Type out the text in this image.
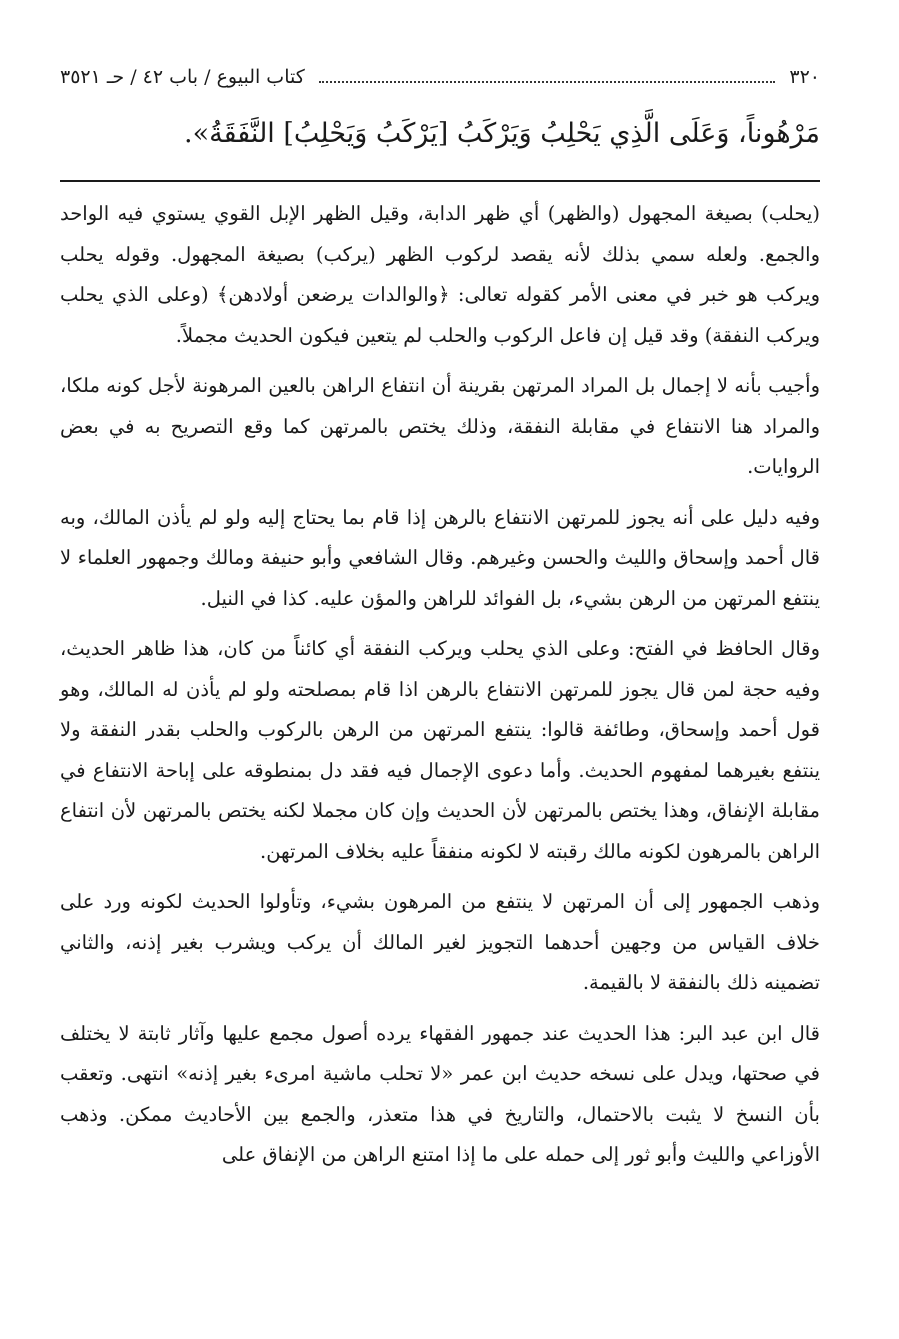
٣٢٠
كتاب البيوع / باب ٤٢ / حـ ٣٥٢١
مَرْهُوناً، وَعَلَى الَّذِي يَحْلِبُ وَيَرْكَبُ [يَرْكَبُ وَيَحْلِبُ] النَّفَقَةُ».

(يحلب) بصيغة المجهول (والظهر) أي ظهر الدابة، وقيل الظهر الإبل القوي يستوي فيه الواحد والجمع. ولعله سمي بذلك لأنه يقصد لركوب الظهر (يركب) بصيغة المجهول. وقوله يحلب ويركب هو خبر في معنى الأمر كقوله تعالى: ﴿والوالدات يرضعن أولادهن﴾ (وعلى الذي يحلب ويركب النفقة) وقد قيل إن فاعل الركوب والحلب لم يتعين فيكون الحديث مجملاً.

وأجيب بأنه لا إجمال بل المراد المرتهن بقرينة أن انتفاع الراهن بالعين المرهونة لأجل كونه ملكا، والمراد هنا الانتفاع في مقابلة النفقة، وذلك يختص بالمرتهن كما وقع التصريح به في بعض الروايات.

وفيه دليل على أنه يجوز للمرتهن الانتفاع بالرهن إذا قام بما يحتاج إليه ولو لم يأذن المالك، وبه قال أحمد وإسحاق والليث والحسن وغيرهم. وقال الشافعي وأبو حنيفة ومالك وجمهور العلماء لا ينتفع المرتهن من الرهن بشيء، بل الفوائد للراهن والمؤن عليه. كذا في النيل.

وقال الحافظ في الفتح: وعلى الذي يحلب ويركب النفقة أي كائناً من كان، هذا ظاهر الحديث، وفيه حجة لمن قال يجوز للمرتهن الانتفاع بالرهن اذا قام بمصلحته ولو لم يأذن له المالك، وهو قول أحمد وإسحاق، وطائفة قالوا: ينتفع المرتهن من الرهن بالركوب والحلب بقدر النفقة ولا ينتفع بغيرهما لمفهوم الحديث. وأما دعوى الإجمال فيه فقد دل بمنطوقه على إباحة الانتفاع في مقابلة الإنفاق، وهذا يختص بالمرتهن لأن الحديث وإن كان مجملا لكنه يختص بالمرتهن لأن انتفاع الراهن بالمرهون لكونه مالك رقبته لا لكونه منفقاً عليه بخلاف المرتهن.

وذهب الجمهور إلى أن المرتهن لا ينتفع من المرهون بشيء، وتأولوا الحديث لكونه ورد على خلاف القياس من وجهين أحدهما التجويز لغير المالك أن يركب ويشرب بغير إذنه، والثاني تضمينه ذلك بالنفقة لا بالقيمة.

قال ابن عبد البر: هذا الحديث عند جمهور الفقهاء يرده أصول مجمع عليها وآثار ثابتة لا يختلف في صحتها، ويدل على نسخه حديث ابن عمر «لا تحلب ماشية امرىء بغير إذنه» انتهى. وتعقب بأن النسخ لا يثبت بالاحتمال، والتاريخ في هذا متعذر، والجمع بين الأحاديث ممكن. وذهب الأوزاعي والليث وأبو ثور إلى حمله على ما إذا امتنع الراهن من الإنفاق على
